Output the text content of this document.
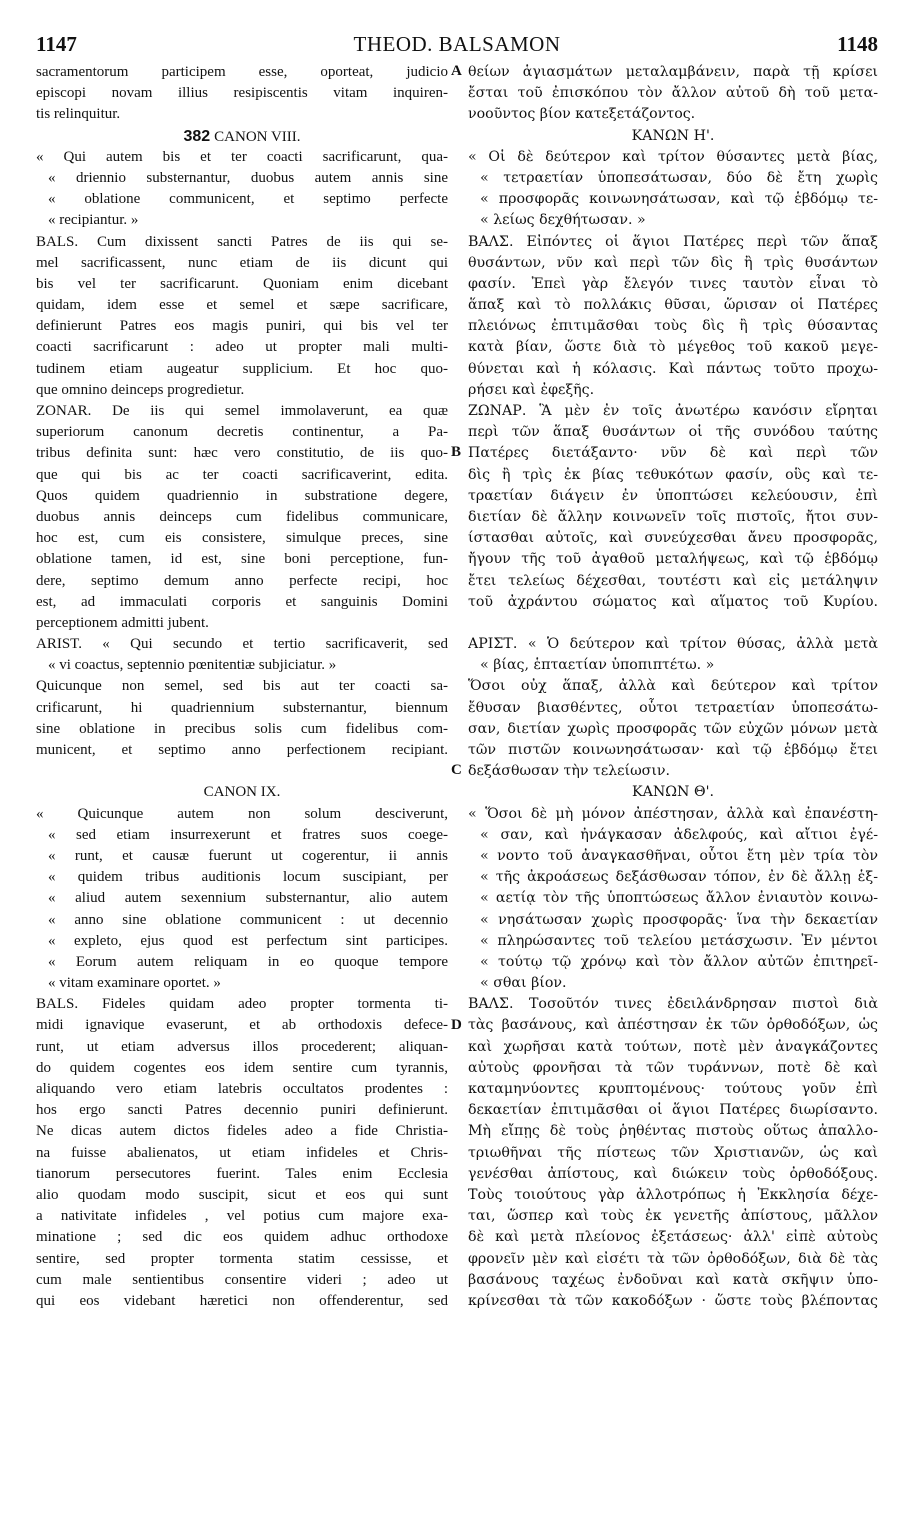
1147	THEOD. BALSAMON	1148
sacramentorum participem esse, oporteat, judicio
episcopi novam illius resipiscentis vitam inquiren-
tis relinquitur.
382 CANON VIII.
« Qui autem bis et ter coacti sacrificarunt, qua-
« driennio substernantur, duobus autem annis sine
« oblatione communicent, et septimo perfecte
« recipiantur. »
BALS. Cum dixissent sancti Patres de iis qui se-
mel sacrificassent, nunc etiam de iis dicunt qui
bis vel ter sacrificarunt. Quoniam enim dicebant
quidam, idem esse et semel et sæpe sacrificare,
definierunt Patres eos magis puniri, qui bis vel ter
coacti sacrificarunt : adeo ut propter mali multi-
tudinem etiam augeatur supplicium. Et hoc quo-
que omnino deinceps progredietur.
ZONAR. De iis qui semel immolaverunt, ea quæ
superiorum canonum decretis continentur, a Pa-
tribus definita sunt: hæc vero constitutio, de iis quo-
que qui bis ac ter coacti sacrificaverint, edita.
Quos quidem quadriennio in substratione degere,
duobus annis deinceps cum fidelibus communicare,
hoc est, cum eis consistere, simulque preces, sine
oblatione tamen, id est, sine boni perceptione, fun-
dere, septimo demum anno perfecte recipi, hoc
est, ad immaculati corporis et sanguinis Domini
perceptionem admitti jubent.
ARIST. « Qui secundo et tertio sacrificaverit, sed
« vi coactus, septennio pœnitentiæ subjiciatur. »
Quicunque non semel, sed bis aut ter coacti sa-
crificarunt, hi quadriennium substernantur, biennum
sine oblatione in precibus solis cum fidelibus com-
municent, et septimo anno perfectionem recipiant.
CANON IX.
« Quicunque autem non solum desciverunt,
« sed etiam insurrexerunt et fratres suos coege-
« runt, et causæ fuerunt ut cogerentur, ii annis
« quidem tribus auditionis locum suscipiant, per
« aliud autem sexennium substernantur, alio autem
« anno sine oblatione communicent : ut decennio
« expleto, ejus quod est perfectum sint participes.
« Eorum autem reliquam in eo quoque tempore
« vitam examinare oportet. »
BALS. Fideles quidam adeo propter tormenta ti-
midi ignavique evaserunt, et ab orthodoxis defece-
runt, ut etiam adversus illos procederent; aliquan-
do quidem cogentes eos idem sentire cum tyrannis,
aliquando vero etiam latebris occultatos prodentes :
hos ergo sancti Patres decennio puniri definierunt.
Ne dicas autem dictos fideles adeo a fide Christia-
na fuisse abalienatos, ut etiam infideles et Chris-
tianorum persecutores fuerint. Tales enim Ecclesia
alio quodam modo suscipit, sicut et eos qui sunt
a nativitate infideles , vel potius cum majore exa-
minatione ; sed dic eos quidem adhuc orthodoxe
sentire, sed propter tormenta statim cessisse, et
cum male sentientibus consentire videri ; adeo ut
qui eos videbant hæretici non offenderentur, sed
θείων ἁγιασμάτων μεταλαμβάνειν, παρὰ τῇ κρίσει
ἔσται τοῦ ἐπισκόπου τὸν ἄλλον αὐτοῦ δὴ τοῦ μετα-
νοοῦντος βίον κατεξετάζοντος.
ΚΑΝΩΝ Η'.
« Οἱ δὲ δεύτερον καὶ τρίτον θύσαντες μετὰ βίας,
« τετραετίαν ὑποπεσάτωσαν, δύο δὲ ἔτη χωρὶς
« προσφορᾶς κοινωνησάτωσαν, καὶ τῷ ἑβδόμῳ τε-
« λείως δεχθήτωσαν. »
ΒΑΛΣ. Εἰπόντες οἱ ἅγιοι Πατέρες περὶ τῶν ἅπαξ
θυσάντων, νῦν καὶ περὶ τῶν δὶς ἢ τρὶς θυσάντων
φασίν. Ἐπεὶ γὰρ ἔλεγόν τινες ταυτὸν εἶναι τὸ
ἅπαξ καὶ τὸ πολλάκις θῦσαι, ὥρισαν οἱ Πατέρες
πλειόνως ἐπιτιμᾶσθαι τοὺς δὶς ἢ τρὶς θύσαντας
κατὰ βίαν, ὥστε διὰ τὸ μέγεθος τοῦ κακοῦ μεγε-
θύνεται καὶ ἡ κόλασις. Καὶ πάντως τοῦτο προχω-
ρήσει καὶ ἐφεξῆς.
ΖΩΝΑΡ. Ἃ μὲν ἐν τοῖς ἀνωτέρω κανόσιν εἴρηται
περὶ τῶν ἅπαξ θυσάντων οἱ τῆς συνόδου ταύτης
Πατέρες διετάξαντο· νῦν δὲ καὶ περὶ τῶν
δὶς ἢ τρὶς ἐκ βίας τεθυκότων φασίν, οὓς καὶ τε-
τραετίαν διάγειν ἐν ὑποπτώσει κελεύουσιν, ἐπὶ
διετίαν δὲ ἄλλην κοινωνεῖν τοῖς πιστοῖς, ἤτοι συν-
ίστασθαι αὐτοῖς, καὶ συνεύχεσθαι ἄνευ προσφορᾶς,
ἤγουν τῆς τοῦ ἀγαθοῦ μεταλήψεως, καὶ τῷ ἑβδόμῳ
ἔτει τελείως δέχεσθαι, τουτέστι καὶ εἰς μετάληψιν
τοῦ ἀχράντου σώματος καὶ αἵματος τοῦ Κυρίου.
ΑΡΙΣΤ. « Ὁ δεύτερον καὶ τρίτον θύσας, ἀλλὰ μετὰ
« βίας, ἑπταετίαν ὑποπιπτέτω. »
Ὅσοι οὐχ ἅπαξ, ἀλλὰ καὶ δεύτερον καὶ τρίτον
ἔθυσαν βιασθέντες, οὗτοι τετραετίαν ὑποπεσάτω-
σαν, διετίαν χωρὶς προσφορᾶς τῶν εὐχῶν μόνων μετὰ
τῶν πιστῶν κοινωνησάτωσαν· καὶ τῷ ἑβδόμῳ ἔτει
δεξάσθωσαν τὴν τελείωσιν.
ΚΑΝΩΝ Θ'.
« Ὅσοι δὲ μὴ μόνον ἀπέστησαν, ἀλλὰ καὶ ἐπανέστη-
« σαν, καὶ ἠνάγκασαν ἀδελφούς, καὶ αἴτιοι ἐγέ-
« νοντο τοῦ ἀναγκασθῆναι, οὗτοι ἔτη μὲν τρία τὸν
« τῆς ἀκροάσεως δεξάσθωσαν τόπον, ἐν δὲ ἄλλῃ ἑξ-
« αετίᾳ τὸν τῆς ὑποπτώσεως ἄλλον ἐνιαυτὸν κοινω-
« νησάτωσαν χωρὶς προσφορᾶς· ἵνα τὴν δεκαετίαν
« πληρώσαντες τοῦ τελείου μετάσχωσιν. Ἐν μέντοι
« τούτῳ τῷ χρόνῳ καὶ τὸν ἄλλον αὐτῶν ἐπιτηρεῖ-
« σθαι βίον.
ΒΑΛΣ. Τοσοῦτόν τινες ἐδειλάνδρησαν πιστοὶ διὰ
τὰς βασάνους, καὶ ἀπέστησαν ἐκ τῶν ὀρθοδόξων, ὡς
καὶ χωρῆσαι κατὰ τούτων, ποτὲ μὲν ἀναγκάζοντες
αὐτοὺς φρονῆσαι τὰ τῶν τυράννων, ποτὲ δὲ καὶ
καταμηνύοντες κρυπτομένους· τούτους γοῦν ἐπὶ
δεκαετίαν ἐπιτιμᾶσθαι οἱ ἅγιοι Πατέρες διωρίσαντο.
Μὴ εἴπῃς δὲ τοὺς ῥηθέντας πιστοὺς οὕτως ἀπαλλο-
τριωθῆναι τῆς πίστεως τῶν Χριστιανῶν, ὡς καὶ
γενέσθαι ἀπίστους, καὶ διώκειν τοὺς ὀρθοδόξους.
Τοὺς τοιούτους γὰρ ἀλλοτρόπως ἡ Ἐκκλησία δέχε-
ται, ὥσπερ καὶ τοὺς ἐκ γενετῆς ἀπίστους, μᾶλλον
δὲ καὶ μετὰ πλείονος ἐξετάσεως· ἀλλ' εἰπὲ αὐτοὺς
φρονεῖν μὲν καὶ εἰσέτι τὰ τῶν ὀρθοδόξων, διὰ δὲ τὰς
βασάνους ταχέως ἐνδοῦναι καὶ κατὰ σκῆψιν ὑπο-
κρίνεσθαι τὰ τῶν κακοδόξων · ὥστε τοὺς βλέποντας
A
B
C
D
